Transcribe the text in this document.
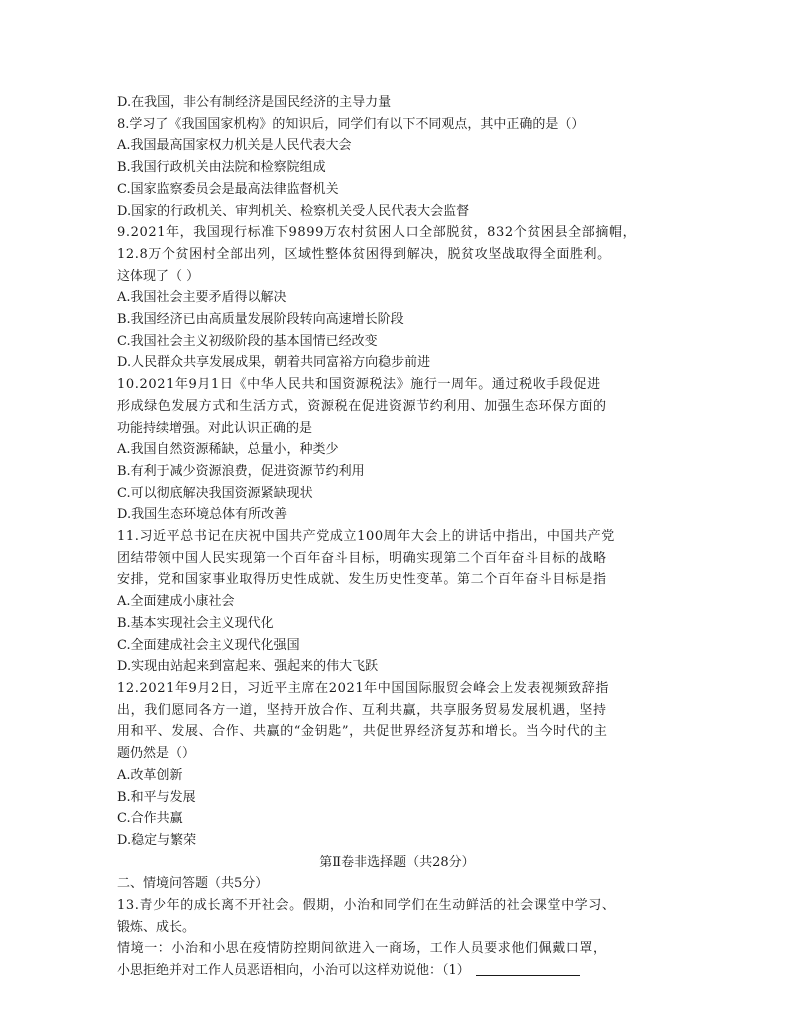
D.在我国，非公有制经济是国民经济的主导力量
8.学习了《我国国家机构》的知识后，同学们有以下不同观点，其中正确的是（）
A.我国最高国家权力机关是人民代表大会
B.我国行政机关由法院和检察院组成
C.国家监察委员会是最高法律监督机关
D.国家的行政机关、审判机关、检察机关受人民代表大会监督
9.2021年，我国现行标准下9899万农村贫困人口全部脱贫，832个贫困县全部摘帽，
12.8万个贫困村全部出列，区域性整体贫困得到解决，脱贫攻坚战取得全面胜利。
这体现了（ ）
A.我国社会主要矛盾得以解决
B.我国经济已由高质量发展阶段转向高速增长阶段
C.我国社会主义初级阶段的基本国情已经改变
D.人民群众共享发展成果，朝着共同富裕方向稳步前进
10.2021年9月1日《中华人民共和国资源税法》施行一周年。通过税收手段促进
形成绿色发展方式和生活方式，资源税在促进资源节约利用、加强生态环保方面的
功能持续增强。对此认识正确的是
A.我国自然资源稀缺，总量小，种类少
B.有利于减少资源浪费，促进资源节约利用
C.可以彻底解决我国资源紧缺现状
D.我国生态环境总体有所改善
11.习近平总书记在庆祝中国共产党成立100周年大会上的讲话中指出，中国共产党
团结带领中国人民实现第一个百年奋斗目标，明确实现第二个百年奋斗目标的战略
安排，党和国家事业取得历史性成就、发生历史性变革。第二个百年奋斗目标是指
A.全面建成小康社会
B.基本实现社会主义现代化
C.全面建成社会主义现代化强国
D.实现由站起来到富起来、强起来的伟大飞跃
12.2021年9月2日，习近平主席在2021年中国国际服贸会峰会上发表视频致辞指
出，我们愿同各方一道，坚持开放合作、互利共赢，共享服务贸易发展机遇，坚持
用和平、发展、合作、共赢的“金钥匙”，共促世界经济复苏和增长。当今时代的主
题仍然是（）
A.改革创新
B.和平与发展
C.合作共赢
D.稳定与繁荣
第Ⅱ卷非选择题（共28分）
二、情境问答题（共5分）
13.青少年的成长离不开社会。假期，小治和同学们在生动鲜活的社会课堂中学习、
锻炼、成长。
情境一：小治和小思在疫情防控期间欲进入一商场，工作人员要求他们佩戴口罩，
小思拒绝并对工作人员恶语相向，小治可以这样劝说他：（1）
